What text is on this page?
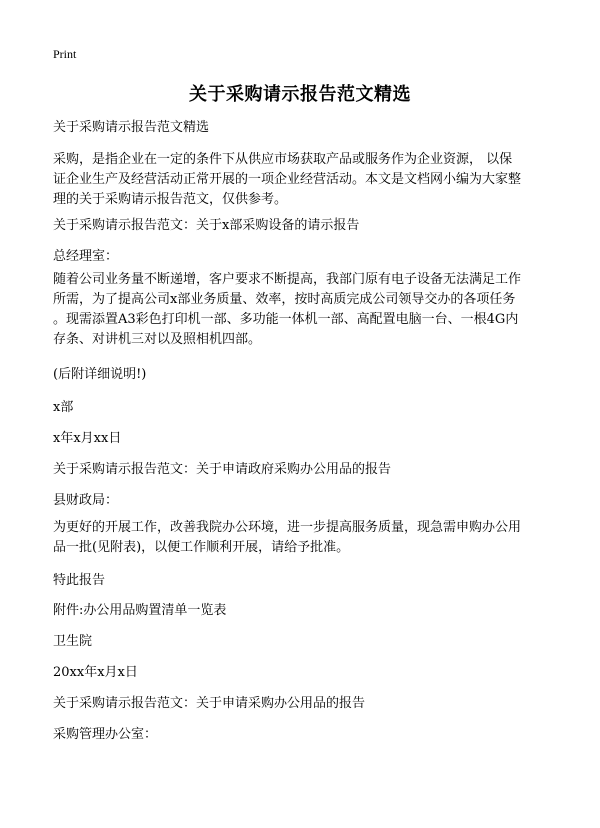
Print
关于采购请示报告范文精选
关于采购请示报告范文精选
采购，是指企业在一定的条件下从供应市场获取产品或服务作为企业资源， 以保
证企业生产及经营活动正常开展的一项企业经营活动。本文是文档网小编为大家整
理的关于采购请示报告范文，仅供参考。
关于采购请示报告范文：关于x部采购设备的请示报告
总经理室：
随着公司业务量不断递增，客户要求不断提高，我部门原有电子设备无法满足工作
所需，为了提高公司x部业务质量、效率，按时高质完成公司领导交办的各项任务
。现需添置A3彩色打印机一部、多功能一体机一部、高配置电脑一台、一根4G内
存条、对讲机三对以及照相机四部。
(后附详细说明!)
x部
x年x月xx日
关于采购请示报告范文：关于申请政府采购办公用品的报告
县财政局：
为更好的开展工作，改善我院办公环境，进一步提高服务质量，现急需申购办公用
品一批(见附表)，以便工作顺利开展，请给予批准。
特此报告
附件:办公用品购置清单一览表
卫生院
20xx年x月x日
关于采购请示报告范文：关于申请采购办公用品的报告
采购管理办公室：
